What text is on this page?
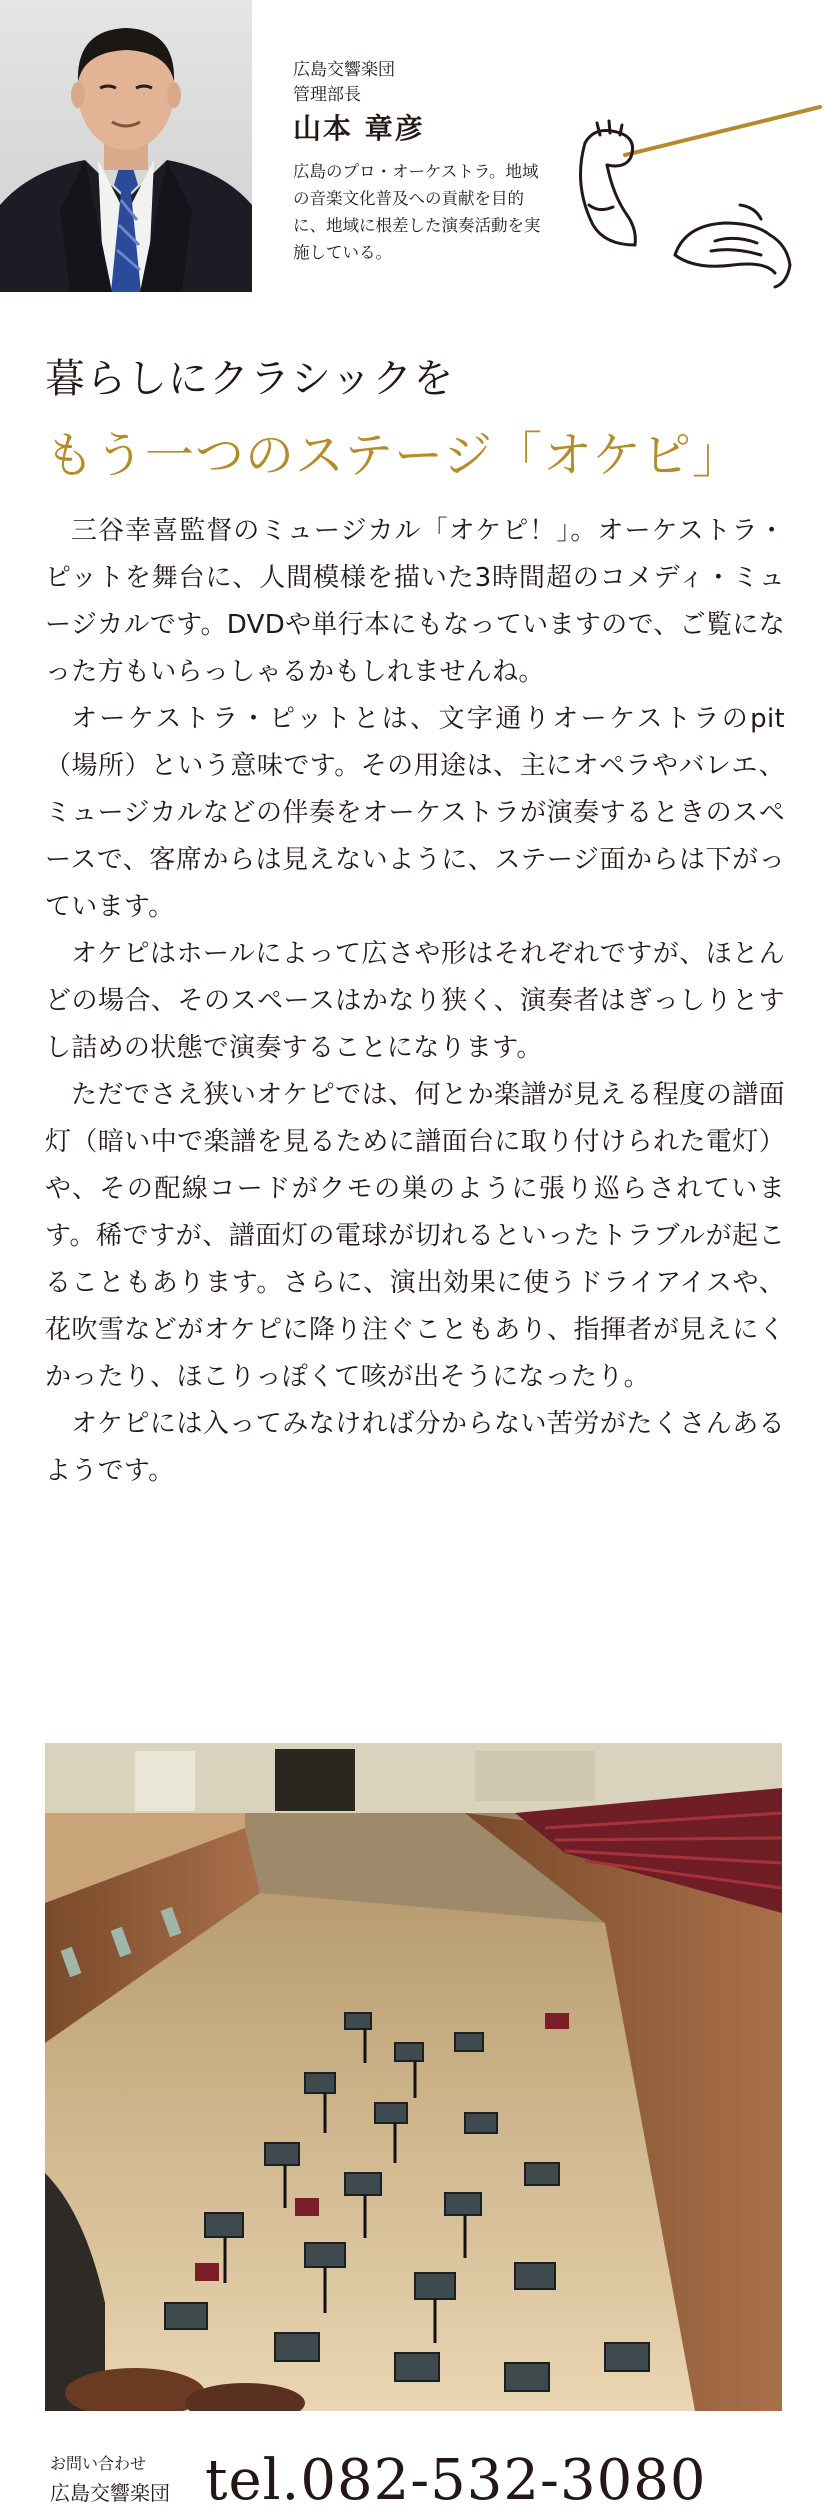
広島交響楽団

管理部長

山本 章彦

広島のプロ・オーケストラ。地域の音楽文化普及への貢献を目的に、地域に根差した演奏活動を実施している。

暮らしにクラシックを
もう一つのステージ「オケピ」

三谷幸喜監督のミュージカル「オケピ！」。オーケストラ・ピットを舞台に、人間模様を描いた3時間超のコメディ・ミュージカルです。DVDや単行本にもなっていますので、ご覧になった方もいらっしゃるかもしれませんね。

オーケストラ・ピットとは、文字通りオーケストラのpit（場所）という意味です。その用途は、主にオペラやバレエ、ミュージカルなどの伴奏をオーケストラが演奏するときのスペースで、客席からは見えないように、ステージ面からは下がっています。

オケピはホールによって広さや形はそれぞれですが、ほとんどの場合、そのスペースはかなり狭く、演奏者はぎっしりとすし詰めの状態で演奏することになります。

ただでさえ狭いオケピでは、何とか楽譜が見える程度の譜面灯（暗い中で楽譜を見るために譜面台に取り付けられた電灯）や、その配線コードがクモの巣のように張り巡らされています。稀ですが、譜面灯の電球が切れるといったトラブルが起こることもあります。さらに、演出効果に使うドライアイスや、花吹雪などがオケピに降り注ぐこともあり、指揮者が見えにくかったり、ほこりっぽくて咳が出そうになったり。

オケピには入ってみなければ分からない苦労がたくさんあるようです。

お問い合わせ

広島交響楽団 tel.082-532-3080
